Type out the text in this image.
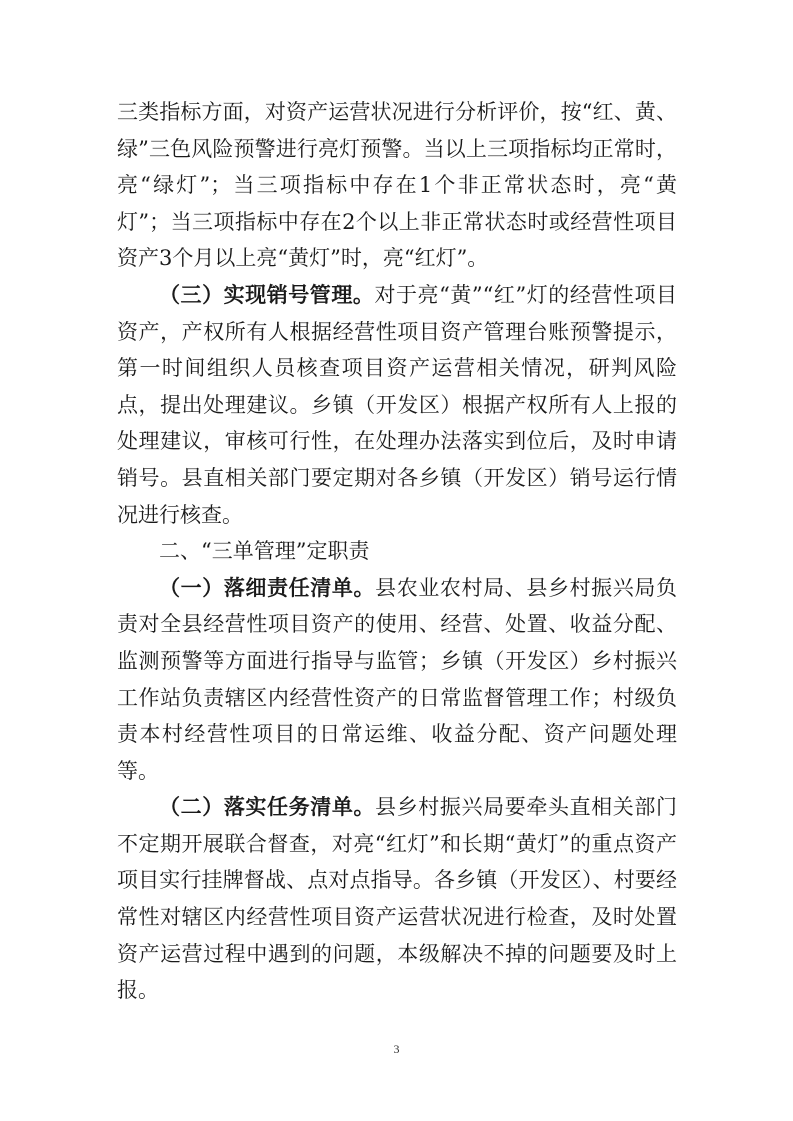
三类指标方面，对资产运营状况进行分析评价，按“红、黄、绿”三色风险预警进行亮灯预警。当以上三项指标均正常时，亮“绿灯”；当三项指标中存在1个非正常状态时，亮“黄灯”；当三项指标中存在2个以上非正常状态时或经营性项目资产3个月以上亮“黄灯”时，亮“红灯”。

（三）实现销号管理。对于亮“黄”“红”灯的经营性项目资产，产权所有人根据经营性项目资产管理台账预警提示，第一时间组织人员核查项目资产运营相关情况，研判风险点，提出处理建议。乡镇（开发区）根据产权所有人上报的处理建议，审核可行性，在处理办法落实到位后，及时申请销号。县直相关部门要定期对各乡镇（开发区）销号运行情况进行核查。

二、“三单管理”定职责

（一）落细责任清单。县农业农村局、县乡村振兴局负责对全县经营性项目资产的使用、经营、处置、收益分配、监测预警等方面进行指导与监管；乡镇（开发区）乡村振兴工作站负责辖区内经营性资产的日常监督管理工作；村级负责本村经营性项目的日常运维、收益分配、资产问题处理等。

（二）落实任务清单。县乡村振兴局要牵头直相关部门不定期开展联合督查，对亮“红灯”和长期“黄灯”的重点资产项目实行挂牌督战、点对点指导。各乡镇（开发区）、村要经常性对辖区内经营性项目资产运营状况进行检查，及时处置资产运营过程中遇到的问题，本级解决不掉的问题要及时上报。

3
